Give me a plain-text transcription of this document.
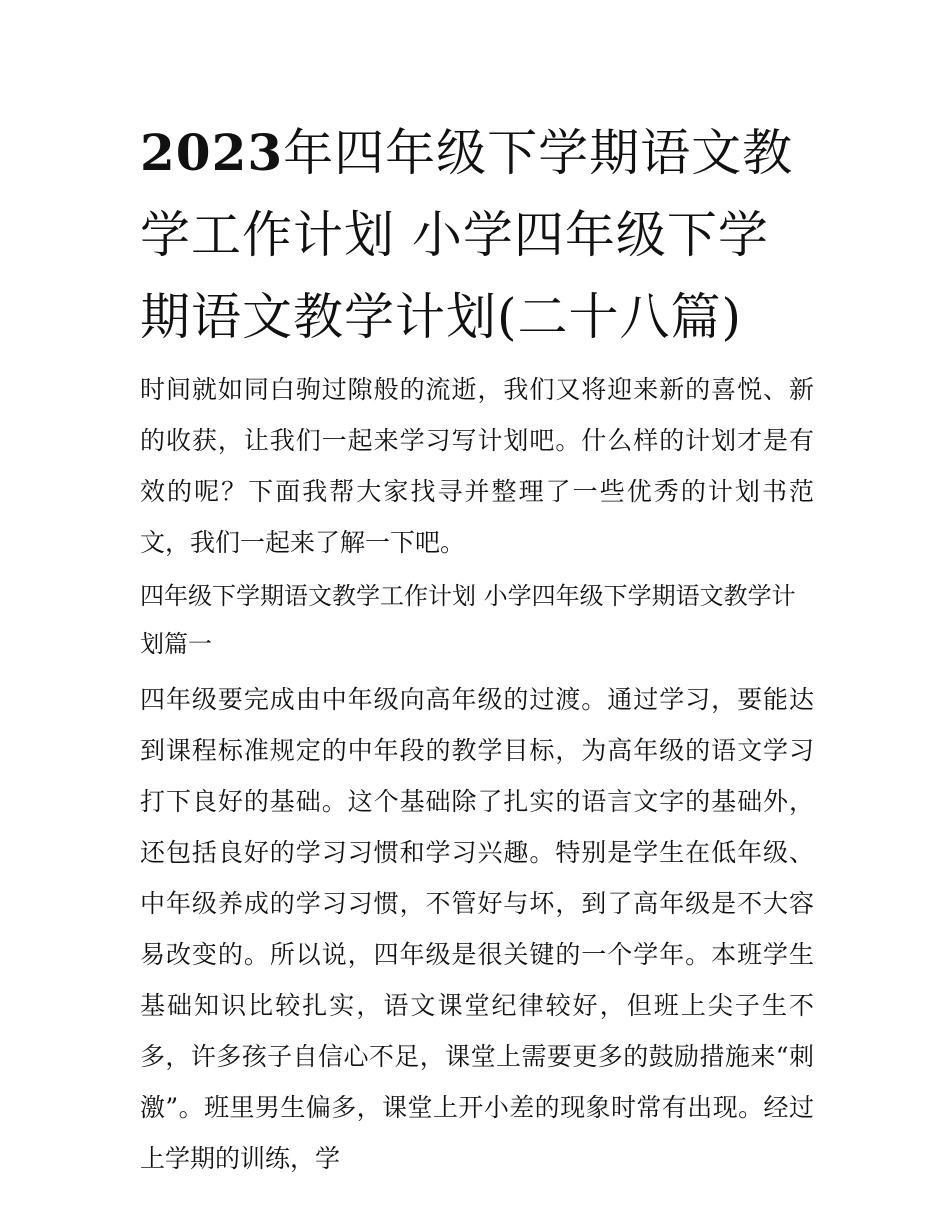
2023年四年级下学期语文教学工作计划 小学四年级下学期语文教学计划(二十八篇)

时间就如同白驹过隙般的流逝，我们又将迎来新的喜悦、新的收获，让我们一起来学习写计划吧。什么样的计划才是有效的呢？下面我帮大家找寻并整理了一些优秀的计划书范文，我们一起来了解一下吧。

四年级下学期语文教学工作计划 小学四年级下学期语文教学计划篇一

四年级要完成由中年级向高年级的过渡。通过学习，要能达到课程标准规定的中年段的教学目标，为高年级的语文学习打下良好的基础。这个基础除了扎实的语言文字的基础外，还包括良好的学习习惯和学习兴趣。特别是学生在低年级、中年级养成的学习习惯，不管好与坏，到了高年级是不大容易改变的。所以说，四年级是很关键的一个学年。本班学生基础知识比较扎实，语文课堂纪律较好，但班上尖子生不多，许多孩子自信心不足，课堂上需要更多的鼓励措施来“刺激”。班里男生偏多，课堂上开小差的现象时常有出现。经过上学期的训练，学
